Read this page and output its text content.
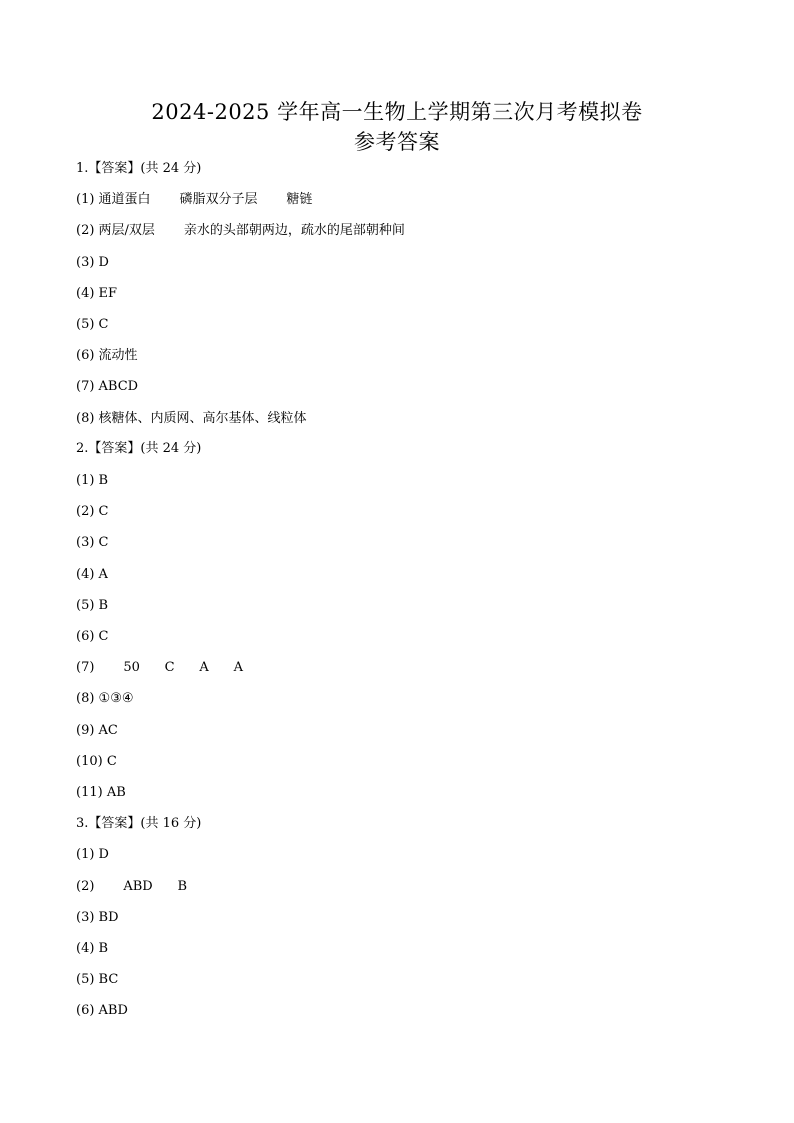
2024-2025 学年高一生物上学期第三次月考模拟卷
参考答案
1.【答案】(共 24 分)
(1) 通道蛋白       磷脂双分子层       糖链
(2) 两层/双层       亲水的头部朝两边，疏水的尾部朝种间
(3) D
(4) EF
(5) C
(6) 流动性
(7) ABCD
(8) 核糖体、内质网、高尔基体、线粒体
2.【答案】(共 24 分)
(1) B
(2) C
(3) C
(4) A
(5) B
(6) C
(7)       50      C      A      A
(8) ①③④
(9) AC
(10) C
(11) AB
3.【答案】(共 16 分)
(1) D
(2)       ABD      B
(3) BD
(4) B
(5) BC
(6) ABD
